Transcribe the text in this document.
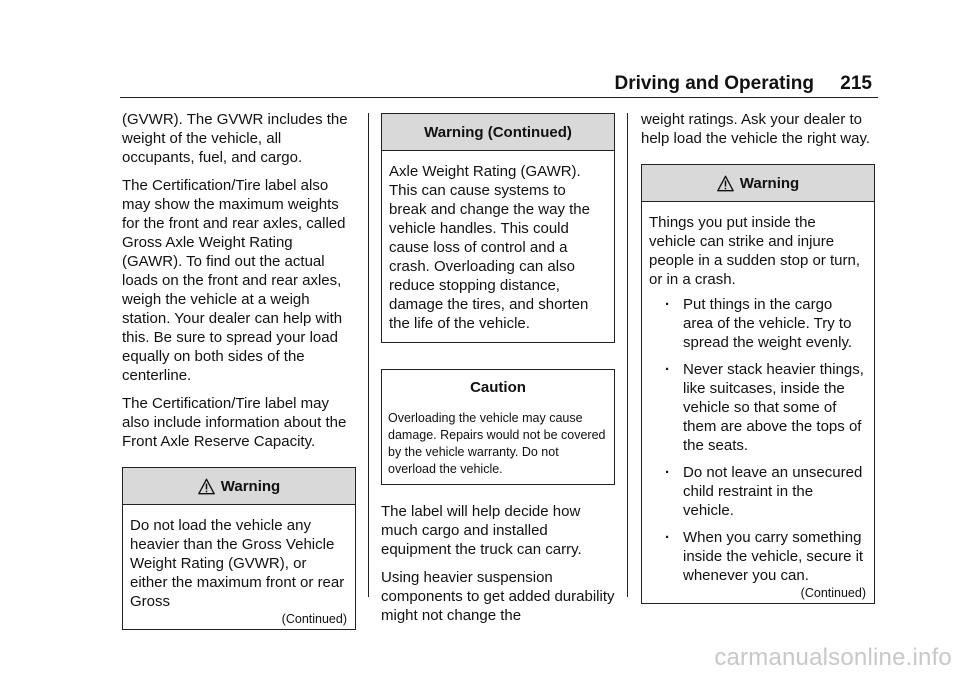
Driving and Operating 215

(GVWR). The GVWR includes the weight of the vehicle, all occupants, fuel, and cargo.

The Certification/Tire label also may show the maximum weights for the front and rear axles, called Gross Axle Weight Rating (GAWR). To find out the actual loads on the front and rear axles, weigh the vehicle at a weigh station. Your dealer can help with this. Be sure to spread your load equally on both sides of the centerline.

The Certification/Tire label may also include information about the Front Axle Reserve Capacity.

Warning
Do not load the vehicle any heavier than the Gross Vehicle Weight Rating (GVWR), or either the maximum front or rear Gross
(Continued)
Warning (Continued)
Axle Weight Rating (GAWR). This can cause systems to break and change the way the vehicle handles. This could cause loss of control and a crash. Overloading can also reduce stopping distance, damage the tires, and shorten the life of the vehicle.
Caution
Overloading the vehicle may cause damage. Repairs would not be covered by the vehicle warranty. Do not overload the vehicle.

The label will help decide how much cargo and installed equipment the truck can carry.

Using heavier suspension components to get added durability might not change the

weight ratings. Ask your dealer to help load the vehicle the right way.

Warning
Things you put inside the vehicle can strike and injure people in a sudden stop or turn, or in a crash.
· Put things in the cargo area of the vehicle. Try to spread the weight evenly.
· Never stack heavier things, like suitcases, inside the vehicle so that some of them are above the tops of the seats.
· Do not leave an unsecured child restraint in the vehicle.
· When you carry something inside the vehicle, secure it whenever you can.
(Continued)
carmanualsonline.info
